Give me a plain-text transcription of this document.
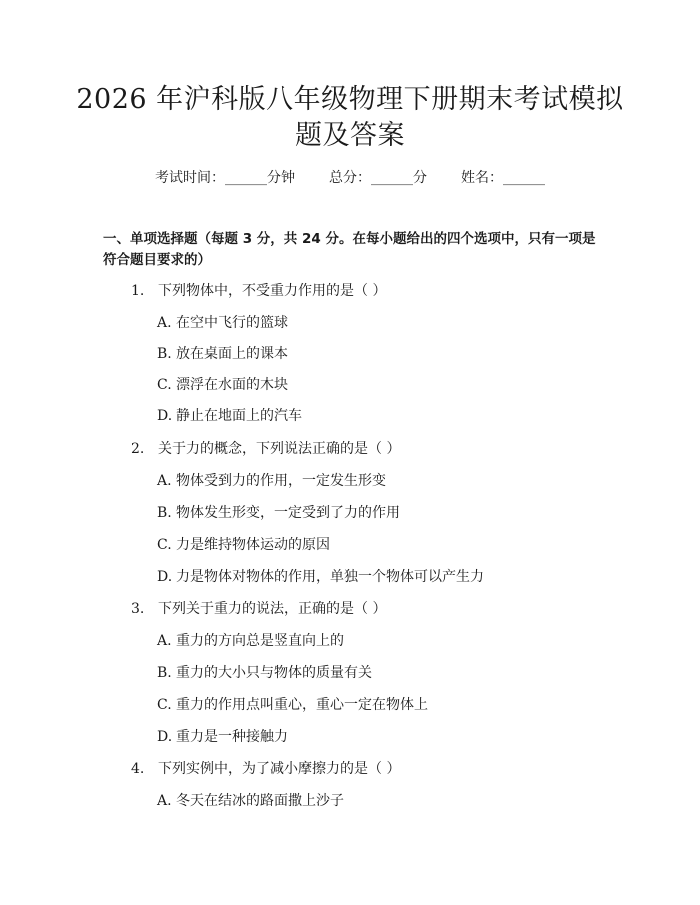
2026 年沪科版八年级物理下册期末考试模拟
题及答案
考试时间：______分钟 总分：______分 姓名：______
一、单项选择题（每题 3 分，共 24 分。在每小题给出的四个选项中，只有一项是
符合题目要求的）
1. 下列物体中，不受重力作用的是（ ）
A. 在空中飞行的篮球
B. 放在桌面上的课本
C. 漂浮在水面的木块
D. 静止在地面上的汽车
2. 关于力的概念，下列说法正确的是（ ）
A. 物体受到力的作用，一定发生形变
B. 物体发生形变，一定受到了力的作用
C. 力是维持物体运动的原因
D. 力是物体对物体的作用，单独一个物体可以产生力
3. 下列关于重力的说法，正确的是（ ）
A. 重力的方向总是竖直向上的
B. 重力的大小只与物体的质量有关
C. 重力的作用点叫重心，重心一定在物体上
D. 重力是一种接触力
4. 下列实例中，为了减小摩擦力的是（ ）
A. 冬天在结冰的路面撒上沙子
